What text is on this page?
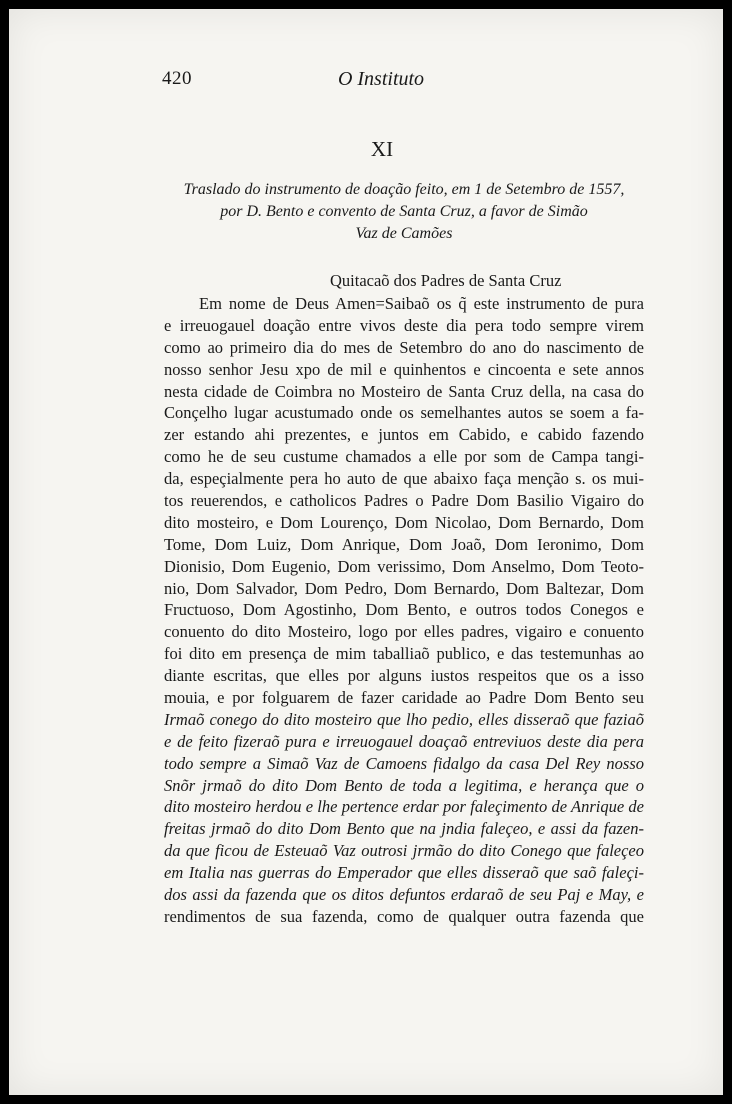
420	O Instituto
XI
Traslado do instrumento de doação feito, em 1 de Setembro de 1557,
por D. Bento e convento de Santa Cruz, a favor de Simão
Vaz de Camões
Quitacaõ dos Padres de Santa Cruz
Em nome de Deus Amen=Saibaõ os q̃ este instrumento de pura
e irreuogauel doação entre vivos deste dia pera todo sempre virem
como ao primeiro dia do mes de Setembro do ano do nascimento de
nosso senhor Jesu xpo de mil e quinhentos e cincoenta e sete annos
nesta cidade de Coimbra no Mosteiro de Santa Cruz della, na casa do
Conçelho lugar acustumado onde os semelhantes autos se soem a fa-
zer estando ahi prezentes, e juntos em Cabido, e cabido fazendo
como he de seu custume chamados a elle por som de Campa tangi-
da, espeçialmente pera ho auto de que abaixo faça menção s. os mui-
tos reuerendos, e catholicos Padres o Padre Dom Basilio Vigairo do
dito mosteiro, e Dom Lourenço, Dom Nicolao, Dom Bernardo, Dom
Tome, Dom Luiz, Dom Anrique, Dom Joaõ, Dom Ieronimo, Dom
Dionisio, Dom Eugenio, Dom verissimo, Dom Anselmo, Dom Teoto-
nio, Dom Salvador, Dom Pedro, Dom Bernardo, Dom Baltezar, Dom
Fructuoso, Dom Agostinho, Dom Bento, e outros todos Conegos e
conuento do dito Mosteiro, logo por elles padres, vigairo e conuento
foi dito em presença de mim taballiaõ publico, e das testemunhas ao
diante escritas, que elles por alguns iustos respeitos que os a isso
mouia, e por folguarem de fazer caridade ao Padre Dom Bento seu
Irmaõ conego do dito mosteiro que lho pedio, elles disseraõ que faziaõ
e de feito fizeraõ pura e irreuogauel doaçaõ entreviuos deste dia pera
todo sempre a Simaõ Vaz de Camoens fidalgo da casa Del Rey nosso
Snõr jrmaõ do dito Dom Bento de toda a legitima, e herança que o
dito mosteiro herdou e lhe pertence erdar por faleçimento de Anrique de
freitas jrmaõ do dito Dom Bento que na jndia faleçeo, e assi da fazen-
da que ficou de Esteuaõ Vaz outrosi jrmão do dito Conego que faleçeo
em Italia nas guerras do Emperador que elles disseraõ que saõ faleçi-
dos assi da fazenda que os ditos defuntos erdaraõ de seu Paj e May, e
rendimentos de sua fazenda, como de qualquer outra fazenda que
